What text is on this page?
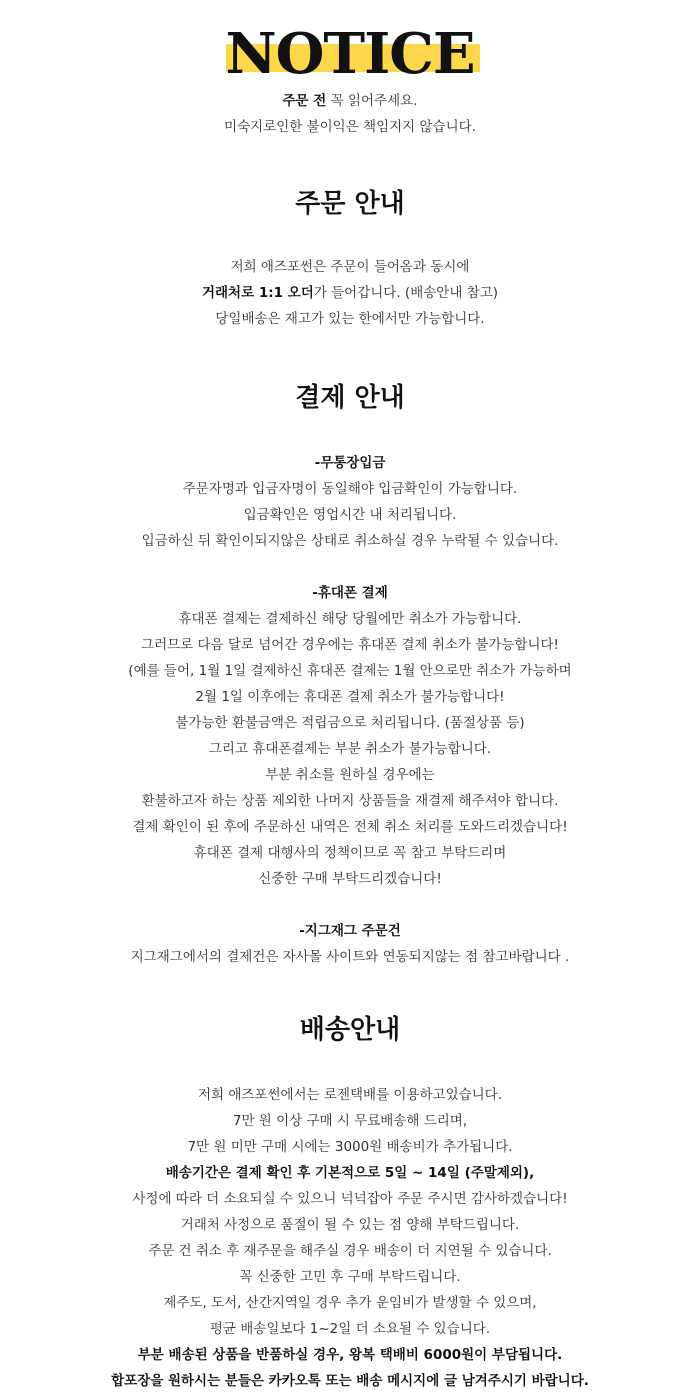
NOTICE
주문 전 꼭 읽어주세요.
미숙지로인한 불이익은 책임지지 않습니다.
주문 안내
저희 애즈포썬은 주문이 들어옴과 동시에
거래처로 1:1 오더가 들어갑니다. (배송안내 참고)
당일배송은 재고가 있는 한에서만 가능합니다.
결제 안내
-무통장입금
주문자명과 입금자명이 동일해야 입금확인이 가능합니다.
입금확인은 영업시간 내 처리됩니다.
입금하신 뒤 확인이되지않은 상태로 취소하실 경우 누락될 수 있습니다.
-휴대폰 결제
휴대폰 결제는 결제하신 해당 당월에만 취소가 가능합니다.
그러므로 다음 달로 넘어간 경우에는 휴대폰 결제 취소가 불가능합니다!
(예를 들어, 1월 1일 결제하신 휴대폰 결제는 1월 안으로만 취소가 가능하며
2월 1일 이후에는 휴대폰 결제 취소가 불가능합니다!
불가능한 환불금액은 적립금으로 처리됩니다. (품절상품 등)
그리고 휴대폰결제는 부분 취소가 불가능합니다.
부분 취소를 원하실 경우에는
환불하고자 하는 상품 제외한 나머지 상품들을 재결제 해주셔야 합니다.
결제 확인이 된 후에 주문하신 내역은 전체 취소 처리를 도와드리겠습니다!
휴대폰 결제 대행사의 정책이므로 꼭 참고 부탁드리며
신중한 구매 부탁드리겠습니다!
-지그재그 주문건
지그재그에서의 결제건은 자사몰 사이트와 연동되지않는 점 참고바랍니다 .
배송안내
저희 애즈포썬에서는 로젠택배를 이용하고있습니다.
7만 원 이상 구매 시 무료배송해 드리며,
7만 원 미만 구매 시에는 3000원 배송비가 추가됩니다.
배송기간은 결제 확인 후 기본적으로 5일 ~ 14일 (주말제외),
사정에 따라 더 소요되실 수 있으니 넉넉잡아 주문 주시면 감사하겠습니다!
거래처 사정으로 품절이 될 수 있는 점 양해 부탁드립니다.
주문 건 취소 후 재주문을 해주실 경우 배송이 더 지연될 수 있습니다.
꼭 신중한 고민 후 구매 부탁드립니다.
제주도, 도서, 산간지역일 경우 추가 운임비가 발생할 수 있으며,
평균 배송일보다 1~2일 더 소요될 수 있습니다.
부분 배송된 상품을 반품하실 경우, 왕복 택배비 6000원이 부담됩니다.
합포장을 원하시는 분들은 카카오톡 또는 배송 메시지에 글 남겨주시기 바랍니다.
